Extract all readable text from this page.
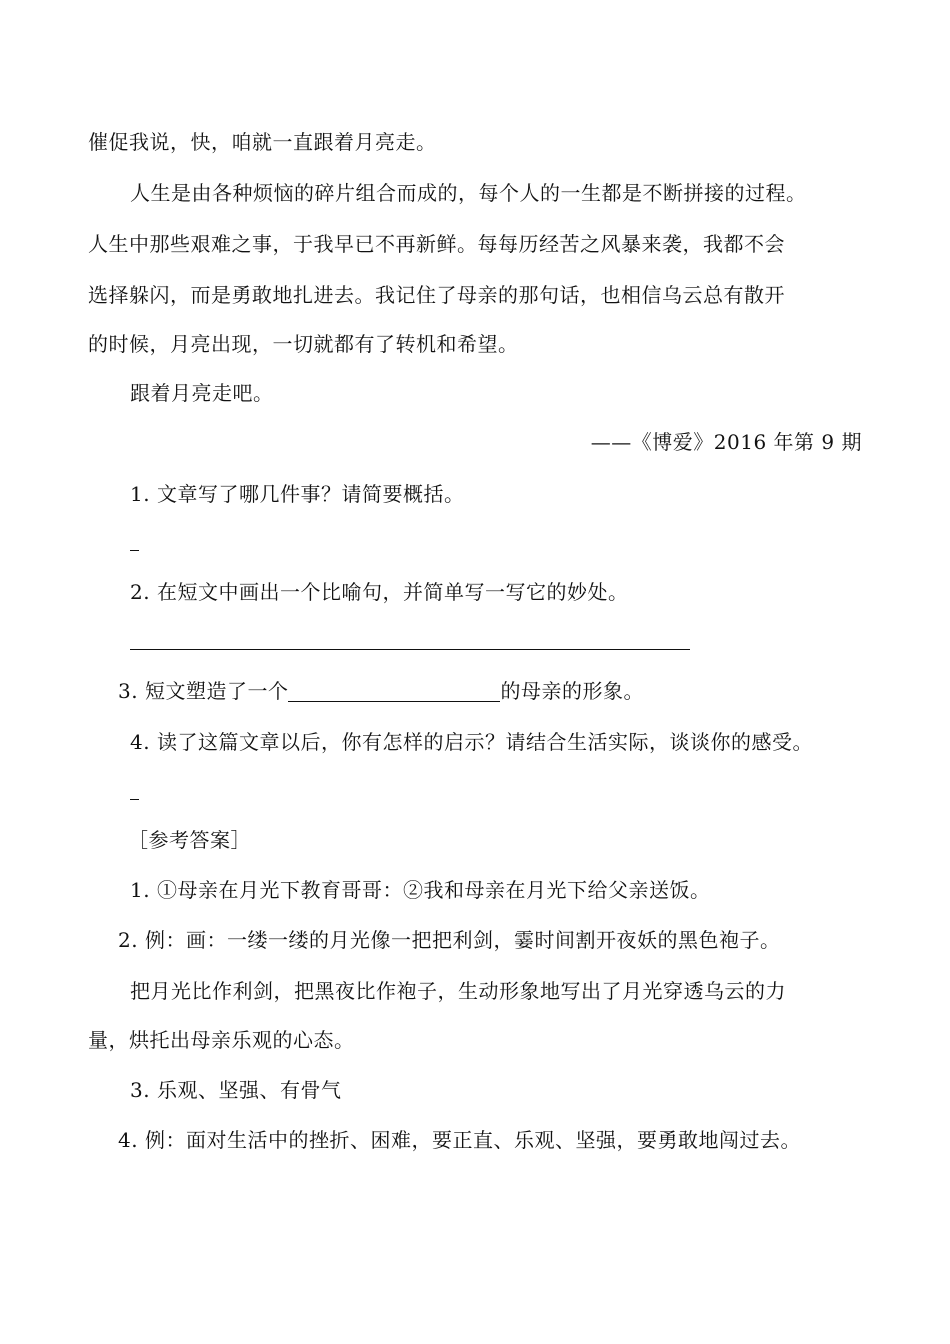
催促我说，快，咱就一直跟着月亮走。
人生是由各种烦恼的碎片组合而成的，每个人的一生都是不断拼接的过程。
人生中那些艰难之事，于我早已不再新鲜。每每历经苦之风暴来袭，我都不会
选择躲闪，而是勇敢地扎进去。我记住了母亲的那句话，也相信乌云总有散开
的时候，月亮出现，一切就都有了转机和希望。
跟着月亮走吧。
——《博爱》2016 年第 9 期
1. 文章写了哪几件事？请简要概括。
2. 在短文中画出一个比喻句，并简单写一写它的妙处。
3. 短文塑造了一个	的母亲的形象。
4. 读了这篇文章以后，你有怎样的启示？请结合生活实际，谈谈你的感受。
［参考答案］
1. ①母亲在月光下教育哥哥：②我和母亲在月光下给父亲送饭。
2. 例：画：一缕一缕的月光像一把把利剑，霎时间割开夜妖的黑色袍子。
把月光比作利剑，把黑夜比作袍子，生动形象地写出了月光穿透乌云的力
量，烘托出母亲乐观的心态。
3. 乐观、坚强、有骨气
4. 例：面对生活中的挫折、困难，要正直、乐观、坚强，要勇敢地闯过去。
